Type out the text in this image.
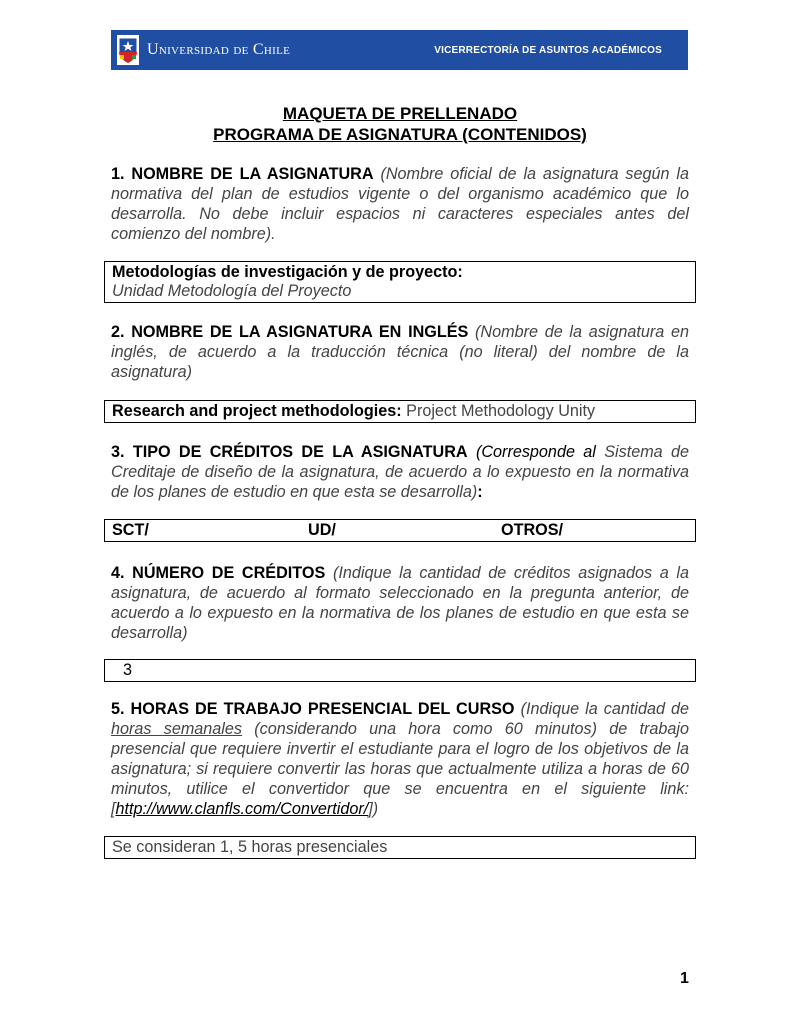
Universidad de Chile	VICERRECTORÍA DE ASUNTOS ACADÉMICOS
MAQUETA DE PRELLENADO
PROGRAMA DE ASIGNATURA (CONTENIDOS)
1. NOMBRE DE LA ASIGNATURA (Nombre oficial de la asignatura según la normativa del plan de estudios vigente o del organismo académico que lo desarrolla. No debe incluir espacios ni caracteres especiales antes del comienzo del nombre).
Metodologías de investigación y de proyecto:
Unidad Metodología del Proyecto
2. NOMBRE DE LA ASIGNATURA EN INGLÉS (Nombre de la asignatura en inglés, de acuerdo a la traducción técnica (no literal) del nombre de la asignatura)
Research and project methodologies: Project Methodology Unity
3. TIPO DE CRÉDITOS DE LA ASIGNATURA (Corresponde al Sistema de Creditaje de diseño de la asignatura, de acuerdo a lo expuesto en la normativa de los planes de estudio en que esta se desarrolla):
SCT/	UD/	OTROS/
4. NÚMERO DE CRÉDITOS (Indique la cantidad de créditos asignados a la asignatura, de acuerdo al formato seleccionado en la pregunta anterior, de acuerdo a lo expuesto en la normativa de los planes de estudio en que esta se desarrolla)
3
5. HORAS DE TRABAJO PRESENCIAL DEL CURSO (Indique la cantidad de horas semanales (considerando una hora como 60 minutos) de trabajo presencial que requiere invertir el estudiante para el logro de los objetivos de la asignatura; si requiere convertir las horas que actualmente utiliza a horas de 60 minutos, utilice el convertidor que se encuentra en el siguiente link: [http://www.clanfls.com/Convertidor/])
Se consideran 1, 5 horas presenciales
1
